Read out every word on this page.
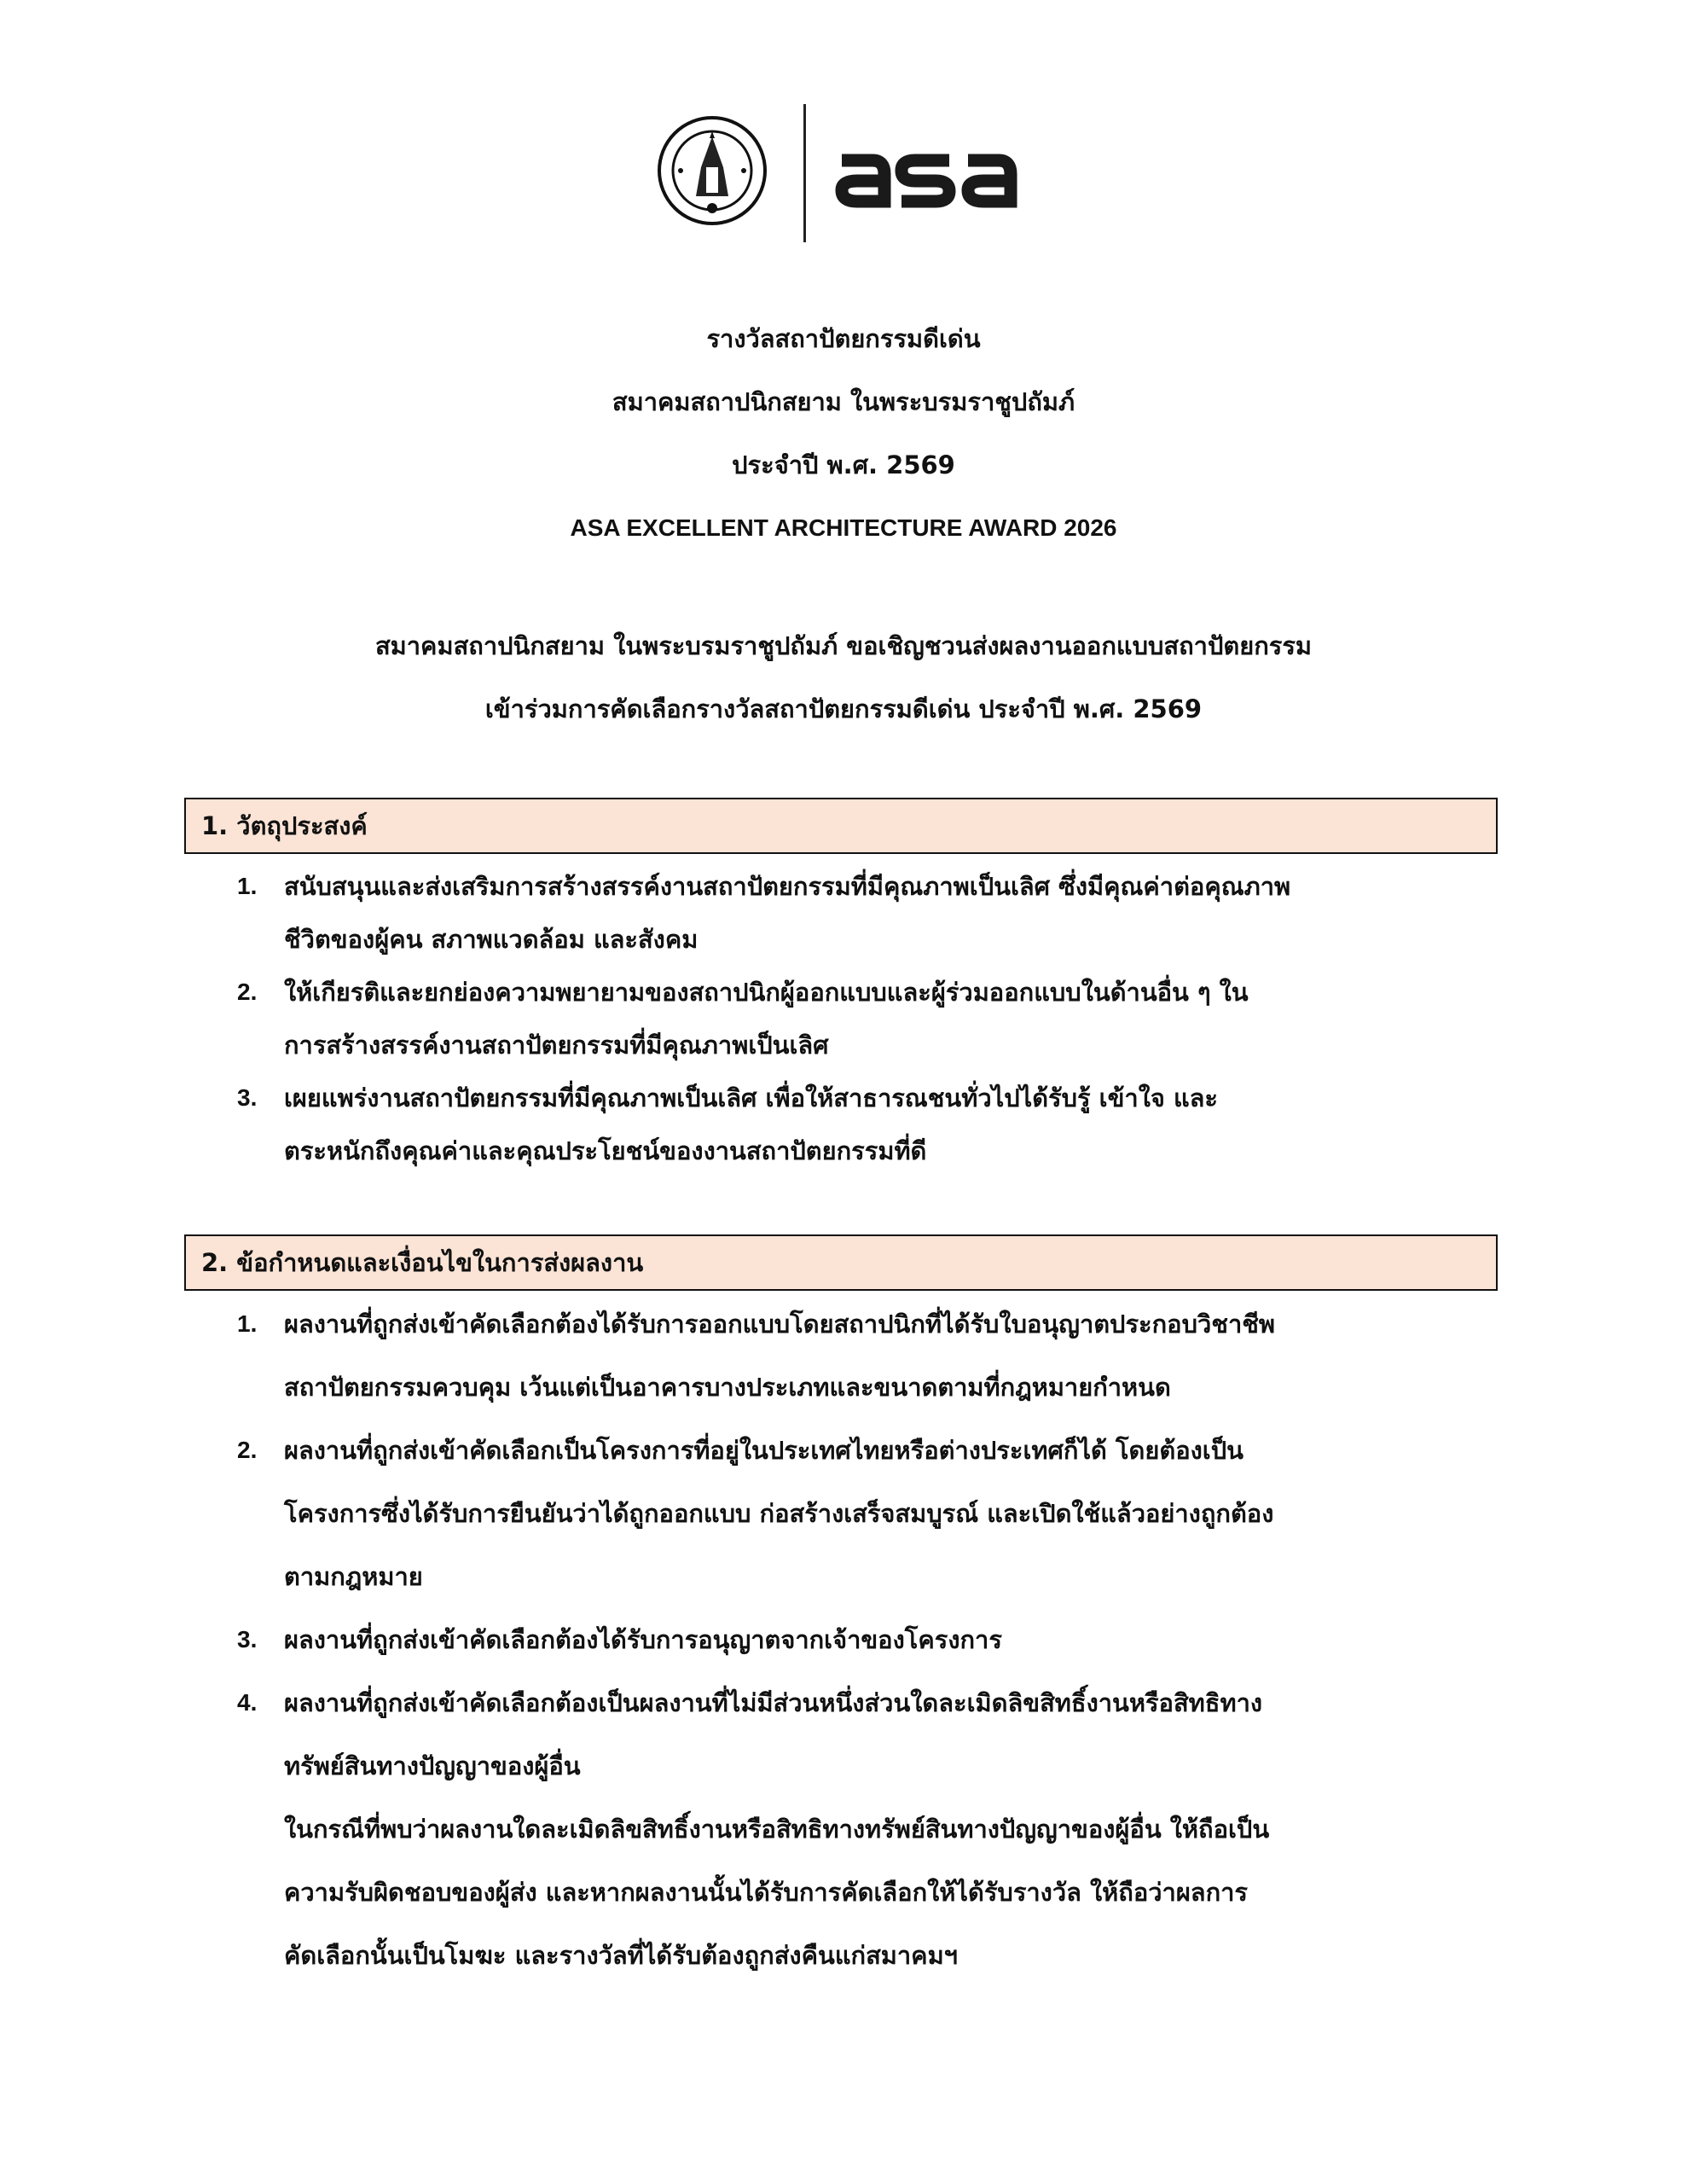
รางวัลสถาปัตยกรรมดีเด่น
สมาคมสถาปนิกสยาม ในพระบรมราชูปถัมภ์
ประจำปี พ.ศ. 2569
ASA EXCELLENT ARCHITECTURE AWARD 2026
สมาคมสถาปนิกสยาม ในพระบรมราชูปถัมภ์ ขอเชิญชวนส่งผลงานออกแบบสถาปัตยกรรม
เข้าร่วมการคัดเลือกรางวัลสถาปัตยกรรมดีเด่น ประจำปี พ.ศ. 2569
1. วัตถุประสงค์
1.	สนับสนุนและส่งเสริมการสร้างสรรค์งานสถาปัตยกรรมที่มีคุณภาพเป็นเลิศ ซึ่งมีคุณค่าต่อคุณภาพ
ชีวิตของผู้คน สภาพแวดล้อม และสังคม
2.	ให้เกียรติและยกย่องความพยายามของสถาปนิกผู้ออกแบบและผู้ร่วมออกแบบในด้านอื่น ๆ ใน
การสร้างสรรค์งานสถาปัตยกรรมที่มีคุณภาพเป็นเลิศ
3.	เผยแพร่งานสถาปัตยกรรมที่มีคุณภาพเป็นเลิศ เพื่อให้สาธารณชนทั่วไปได้รับรู้ เข้าใจ และ
ตระหนักถึงคุณค่าและคุณประโยชน์ของงานสถาปัตยกรรมที่ดี
2. ข้อกำหนดและเงื่อนไขในการส่งผลงาน
1.	ผลงานที่ถูกส่งเข้าคัดเลือกต้องได้รับการออกแบบโดยสถาปนิกที่ได้รับใบอนุญาตประกอบวิชาชีพ
สถาปัตยกรรมควบคุม เว้นแต่เป็นอาคารบางประเภทและขนาดตามที่กฎหมายกำหนด
2.	ผลงานที่ถูกส่งเข้าคัดเลือกเป็นโครงการที่อยู่ในประเทศไทยหรือต่างประเทศก็ได้ โดยต้องเป็น
โครงการซึ่งได้รับการยืนยันว่าได้ถูกออกแบบ ก่อสร้างเสร็จสมบูรณ์ และเปิดใช้แล้วอย่างถูกต้อง
ตามกฎหมาย
3.	ผลงานที่ถูกส่งเข้าคัดเลือกต้องได้รับการอนุญาตจากเจ้าของโครงการ
4.	ผลงานที่ถูกส่งเข้าคัดเลือกต้องเป็นผลงานที่ไม่มีส่วนหนึ่งส่วนใดละเมิดลิขสิทธิ์งานหรือสิทธิทาง
ทรัพย์สินทางปัญญาของผู้อื่น
ในกรณีที่พบว่าผลงานใดละเมิดลิขสิทธิ์งานหรือสิทธิทางทรัพย์สินทางปัญญาของผู้อื่น ให้ถือเป็น
ความรับผิดชอบของผู้ส่ง และหากผลงานนั้นได้รับการคัดเลือกให้ได้รับรางวัล ให้ถือว่าผลการ
คัดเลือกนั้นเป็นโมฆะ และรางวัลที่ได้รับต้องถูกส่งคืนแก่สมาคมฯ
